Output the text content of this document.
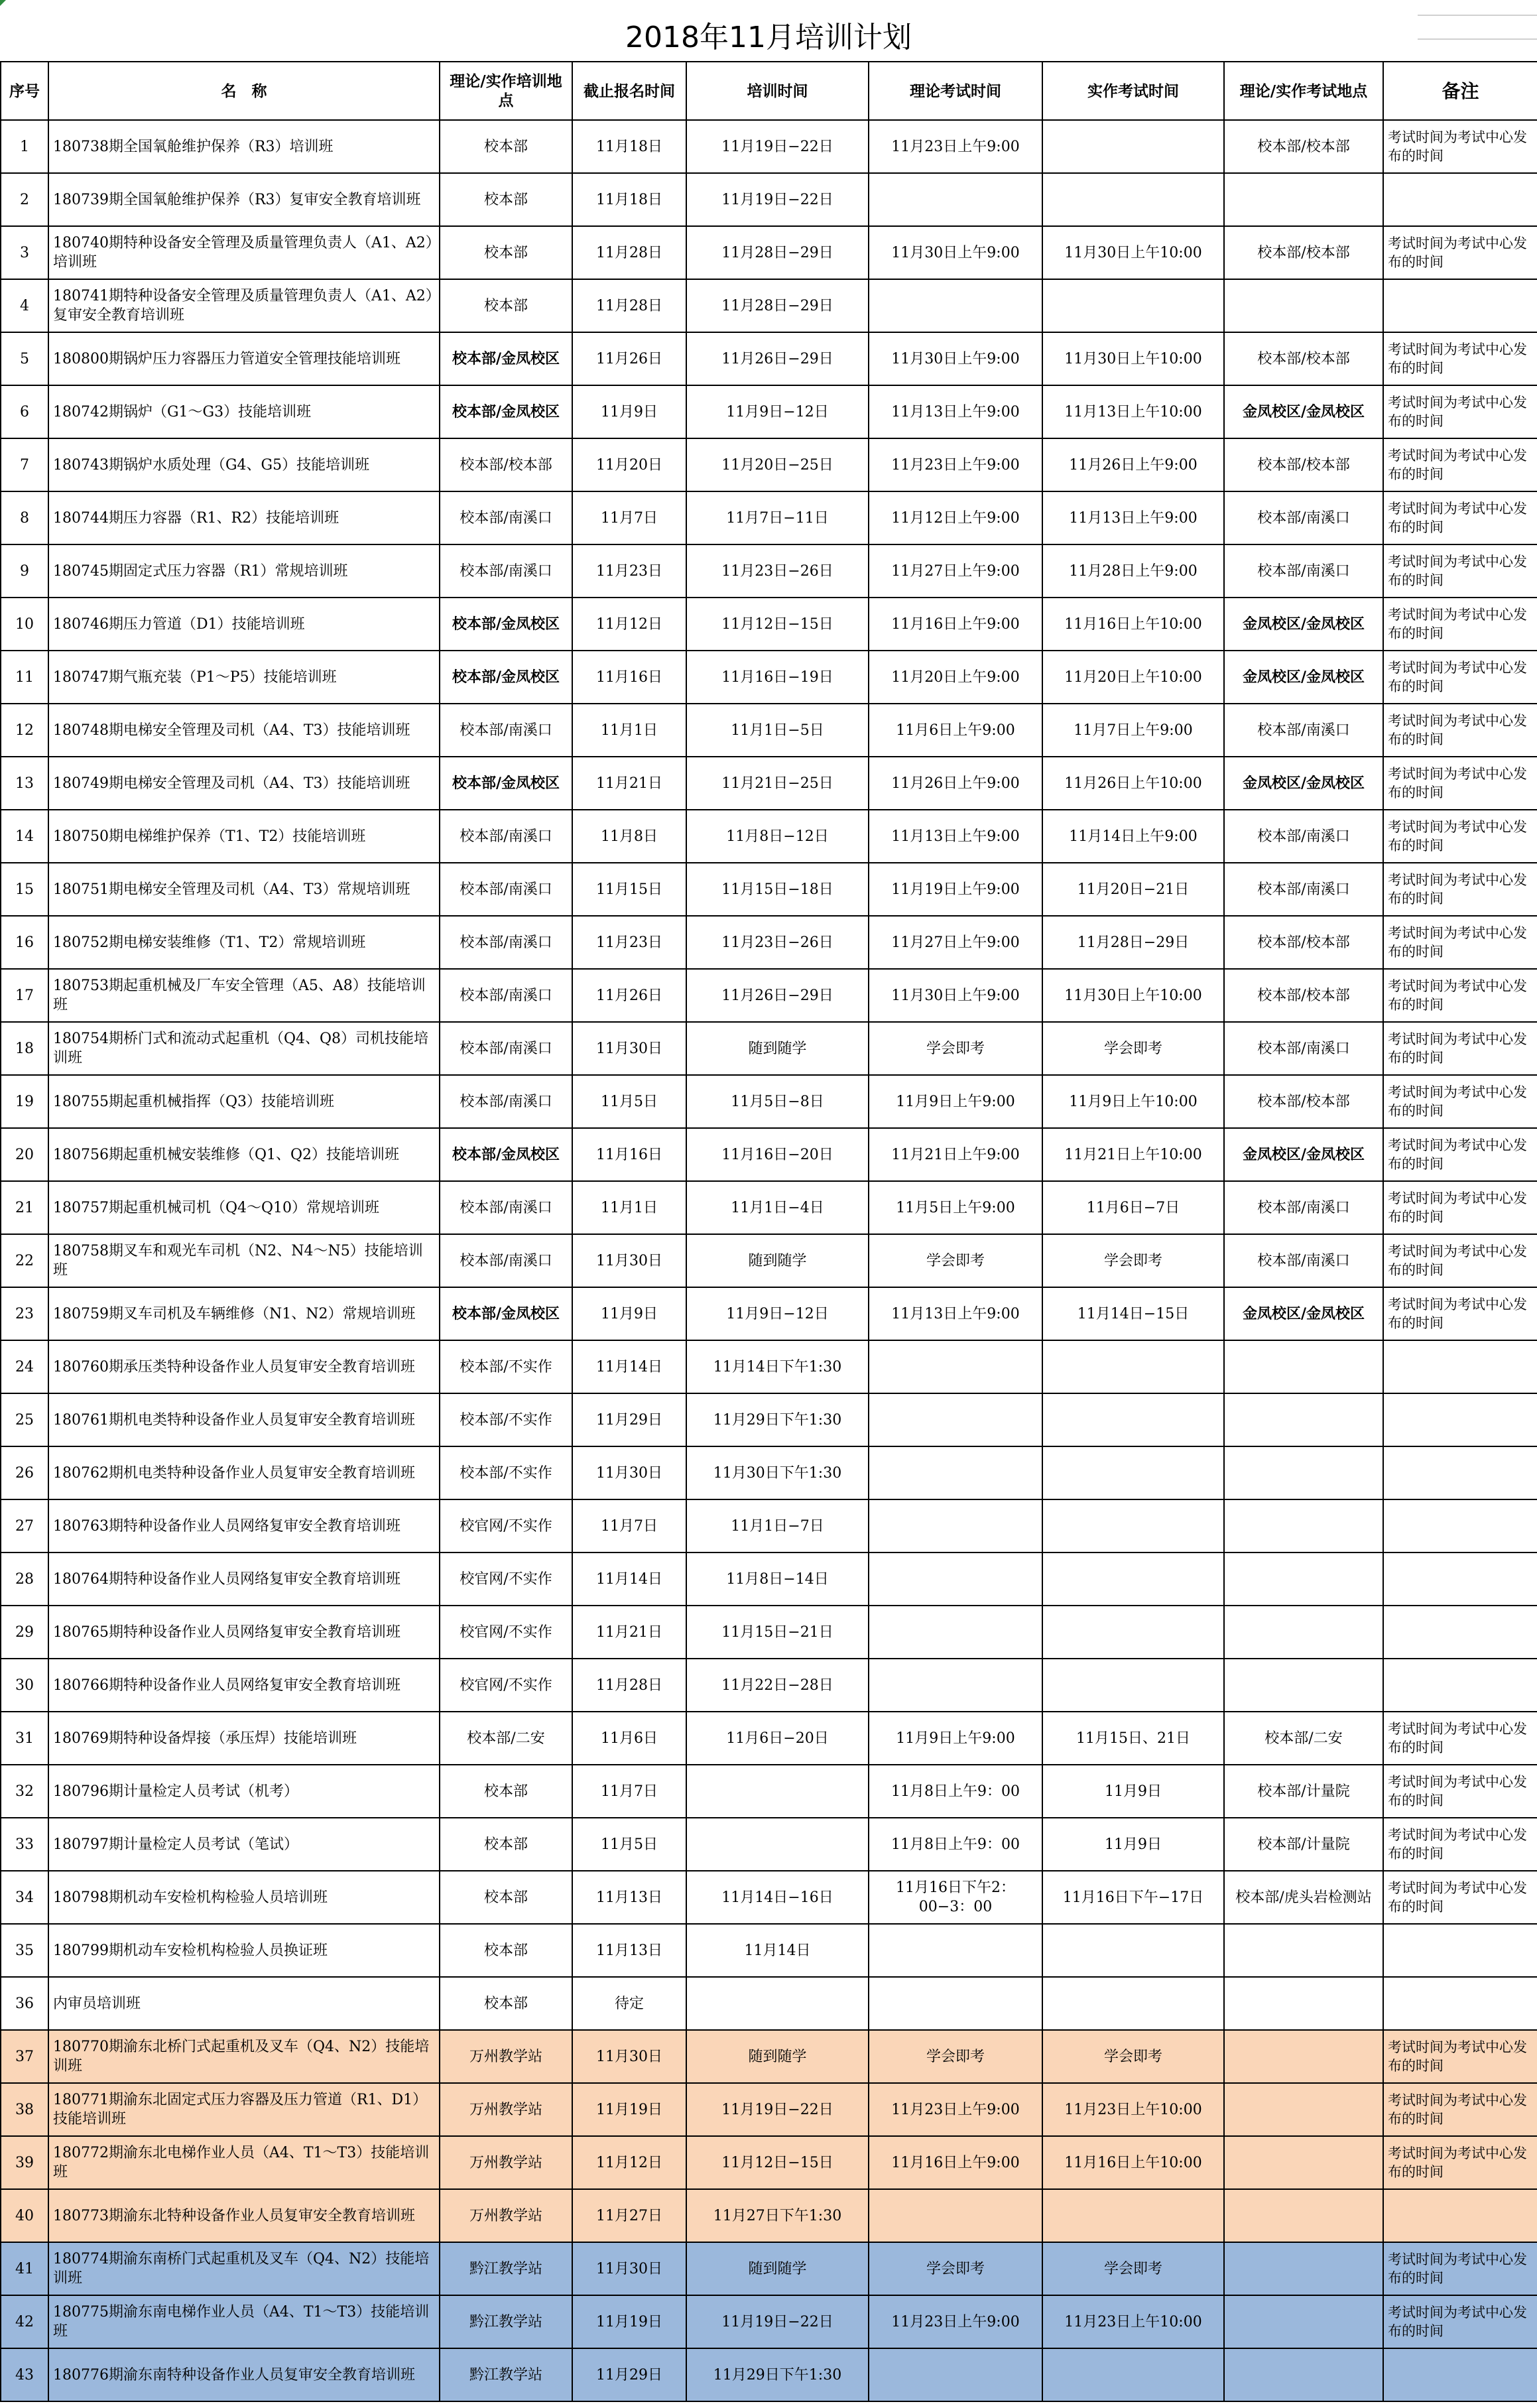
2018年11月培训计划
序号	名　称	理论/实作培训地点	截止报名时间	培训时间	理论考试时间	实作考试时间	理论/实作考试地点	备注
1	180738期全国氧舱维护保养（R3）培训班	校本部	11月18日	11月19日−22日	11月23日上午9:00		校本部/校本部	考试时间为考试中心发布的时间
2	180739期全国氧舱维护保养（R3）复审安全教育培训班	校本部	11月18日	11月19日−22日				
3	180740期特种设备安全管理及质量管理负责人（A1、A2）培训班	校本部	11月28日	11月28日−29日	11月30日上午9:00	11月30日上午10:00	校本部/校本部	考试时间为考试中心发布的时间
4	180741期特种设备安全管理及质量管理负责人（A1、A2）复审安全教育培训班	校本部	11月28日	11月28日−29日				
5	180800期锅炉压力容器压力管道安全管理技能培训班	校本部/金凤校区	11月26日	11月26日−29日	11月30日上午9:00	11月30日上午10:00	校本部/校本部	考试时间为考试中心发布的时间
6	180742期锅炉（G1～G3）技能培训班	校本部/金凤校区	11月9日	11月9日−12日	11月13日上午9:00	11月13日上午10:00	金凤校区/金凤校区	考试时间为考试中心发布的时间
7	180743期锅炉水质处理（G4、G5）技能培训班	校本部/校本部	11月20日	11月20日−25日	11月23日上午9:00	11月26日上午9:00	校本部/校本部	考试时间为考试中心发布的时间
8	180744期压力容器（R1、R2）技能培训班	校本部/南溪口	11月7日	11月7日−11日	11月12日上午9:00	11月13日上午9:00	校本部/南溪口	考试时间为考试中心发布的时间
9	180745期固定式压力容器（R1）常规培训班	校本部/南溪口	11月23日	11月23日−26日	11月27日上午9:00	11月28日上午9:00	校本部/南溪口	考试时间为考试中心发布的时间
10	180746期压力管道（D1）技能培训班	校本部/金凤校区	11月12日	11月12日−15日	11月16日上午9:00	11月16日上午10:00	金凤校区/金凤校区	考试时间为考试中心发布的时间
11	180747期气瓶充装（P1～P5）技能培训班	校本部/金凤校区	11月16日	11月16日−19日	11月20日上午9:00	11月20日上午10:00	金凤校区/金凤校区	考试时间为考试中心发布的时间
12	180748期电梯安全管理及司机（A4、T3）技能培训班	校本部/南溪口	11月1日	11月1日−5日	11月6日上午9:00	11月7日上午9:00	校本部/南溪口	考试时间为考试中心发布的时间
13	180749期电梯安全管理及司机（A4、T3）技能培训班	校本部/金凤校区	11月21日	11月21日−25日	11月26日上午9:00	11月26日上午10:00	金凤校区/金凤校区	考试时间为考试中心发布的时间
14	180750期电梯维护保养（T1、T2）技能培训班	校本部/南溪口	11月8日	11月8日−12日	11月13日上午9:00	11月14日上午9:00	校本部/南溪口	考试时间为考试中心发布的时间
15	180751期电梯安全管理及司机（A4、T3）常规培训班	校本部/南溪口	11月15日	11月15日−18日	11月19日上午9:00	11月20日−21日	校本部/南溪口	考试时间为考试中心发布的时间
16	180752期电梯安装维修（T1、T2）常规培训班	校本部/南溪口	11月23日	11月23日−26日	11月27日上午9:00	11月28日−29日	校本部/校本部	考试时间为考试中心发布的时间
17	180753期起重机械及厂车安全管理（A5、A8）技能培训班	校本部/南溪口	11月26日	11月26日−29日	11月30日上午9:00	11月30日上午10:00	校本部/校本部	考试时间为考试中心发布的时间
18	180754期桥门式和流动式起重机（Q4、Q8）司机技能培训班	校本部/南溪口	11月30日	随到随学	学会即考	学会即考	校本部/南溪口	考试时间为考试中心发布的时间
19	180755期起重机械指挥（Q3）技能培训班	校本部/南溪口	11月5日	11月5日−8日	11月9日上午9:00	11月9日上午10:00	校本部/校本部	考试时间为考试中心发布的时间
20	180756期起重机械安装维修（Q1、Q2）技能培训班	校本部/金凤校区	11月16日	11月16日−20日	11月21日上午9:00	11月21日上午10:00	金凤校区/金凤校区	考试时间为考试中心发布的时间
21	180757期起重机械司机（Q4～Q10）常规培训班	校本部/南溪口	11月1日	11月1日−4日	11月5日上午9:00	11月6日−7日	校本部/南溪口	考试时间为考试中心发布的时间
22	180758期叉车和观光车司机（N2、N4～N5）技能培训班	校本部/南溪口	11月30日	随到随学	学会即考	学会即考	校本部/南溪口	考试时间为考试中心发布的时间
23	180759期叉车司机及车辆维修（N1、N2）常规培训班	校本部/金凤校区	11月9日	11月9日−12日	11月13日上午9:00	11月14日−15日	金凤校区/金凤校区	考试时间为考试中心发布的时间
24	180760期承压类特种设备作业人员复审安全教育培训班	校本部/不实作	11月14日	11月14日下午1:30				
25	180761期机电类特种设备作业人员复审安全教育培训班	校本部/不实作	11月29日	11月29日下午1:30				
26	180762期机电类特种设备作业人员复审安全教育培训班	校本部/不实作	11月30日	11月30日下午1:30				
27	180763期特种设备作业人员网络复审安全教育培训班	校官网/不实作	11月7日	11月1日−7日				
28	180764期特种设备作业人员网络复审安全教育培训班	校官网/不实作	11月14日	11月8日−14日				
29	180765期特种设备作业人员网络复审安全教育培训班	校官网/不实作	11月21日	11月15日−21日				
30	180766期特种设备作业人员网络复审安全教育培训班	校官网/不实作	11月28日	11月22日−28日				
31	180769期特种设备焊接（承压焊）技能培训班	校本部/二安	11月6日	11月6日−20日	11月9日上午9:00	11月15日、21日	校本部/二安	考试时间为考试中心发布的时间
32	180796期计量检定人员考试（机考）	校本部	11月7日		11月8日上午9：00	11月9日	校本部/计量院	考试时间为考试中心发布的时间
33	180797期计量检定人员考试（笔试）	校本部	11月5日		11月8日上午9：00	11月9日	校本部/计量院	考试时间为考试中心发布的时间
34	180798期机动车安检机构检验人员培训班	校本部	11月13日	11月14日−16日	11月16日下午2：00−3：00	11月16日下午−17日	校本部/虎头岩检测站	考试时间为考试中心发布的时间
35	180799期机动车安检机构检验人员换证班	校本部	11月13日	11月14日				
36	内审员培训班	校本部	待定					
37	180770期渝东北桥门式起重机及叉车（Q4、N2）技能培训班	万州教学站	11月30日	随到随学	学会即考	学会即考		考试时间为考试中心发布的时间
38	180771期渝东北固定式压力容器及压力管道（R1、D1）技能培训班	万州教学站	11月19日	11月19日−22日	11月23日上午9:00	11月23日上午10:00		考试时间为考试中心发布的时间
39	180772期渝东北电梯作业人员（A4、T1～T3）技能培训班	万州教学站	11月12日	11月12日−15日	11月16日上午9:00	11月16日上午10:00		考试时间为考试中心发布的时间
40	180773期渝东北特种设备作业人员复审安全教育培训班	万州教学站	11月27日	11月27日下午1:30				
41	180774期渝东南桥门式起重机及叉车（Q4、N2）技能培训班	黔江教学站	11月30日	随到随学	学会即考	学会即考		考试时间为考试中心发布的时间
42	180775期渝东南电梯作业人员（A4、T1～T3）技能培训班	黔江教学站	11月19日	11月19日−22日	11月23日上午9:00	11月23日上午10:00		考试时间为考试中心发布的时间
43	180776期渝东南特种设备作业人员复审安全教育培训班	黔江教学站	11月29日	11月29日下午1:30				
